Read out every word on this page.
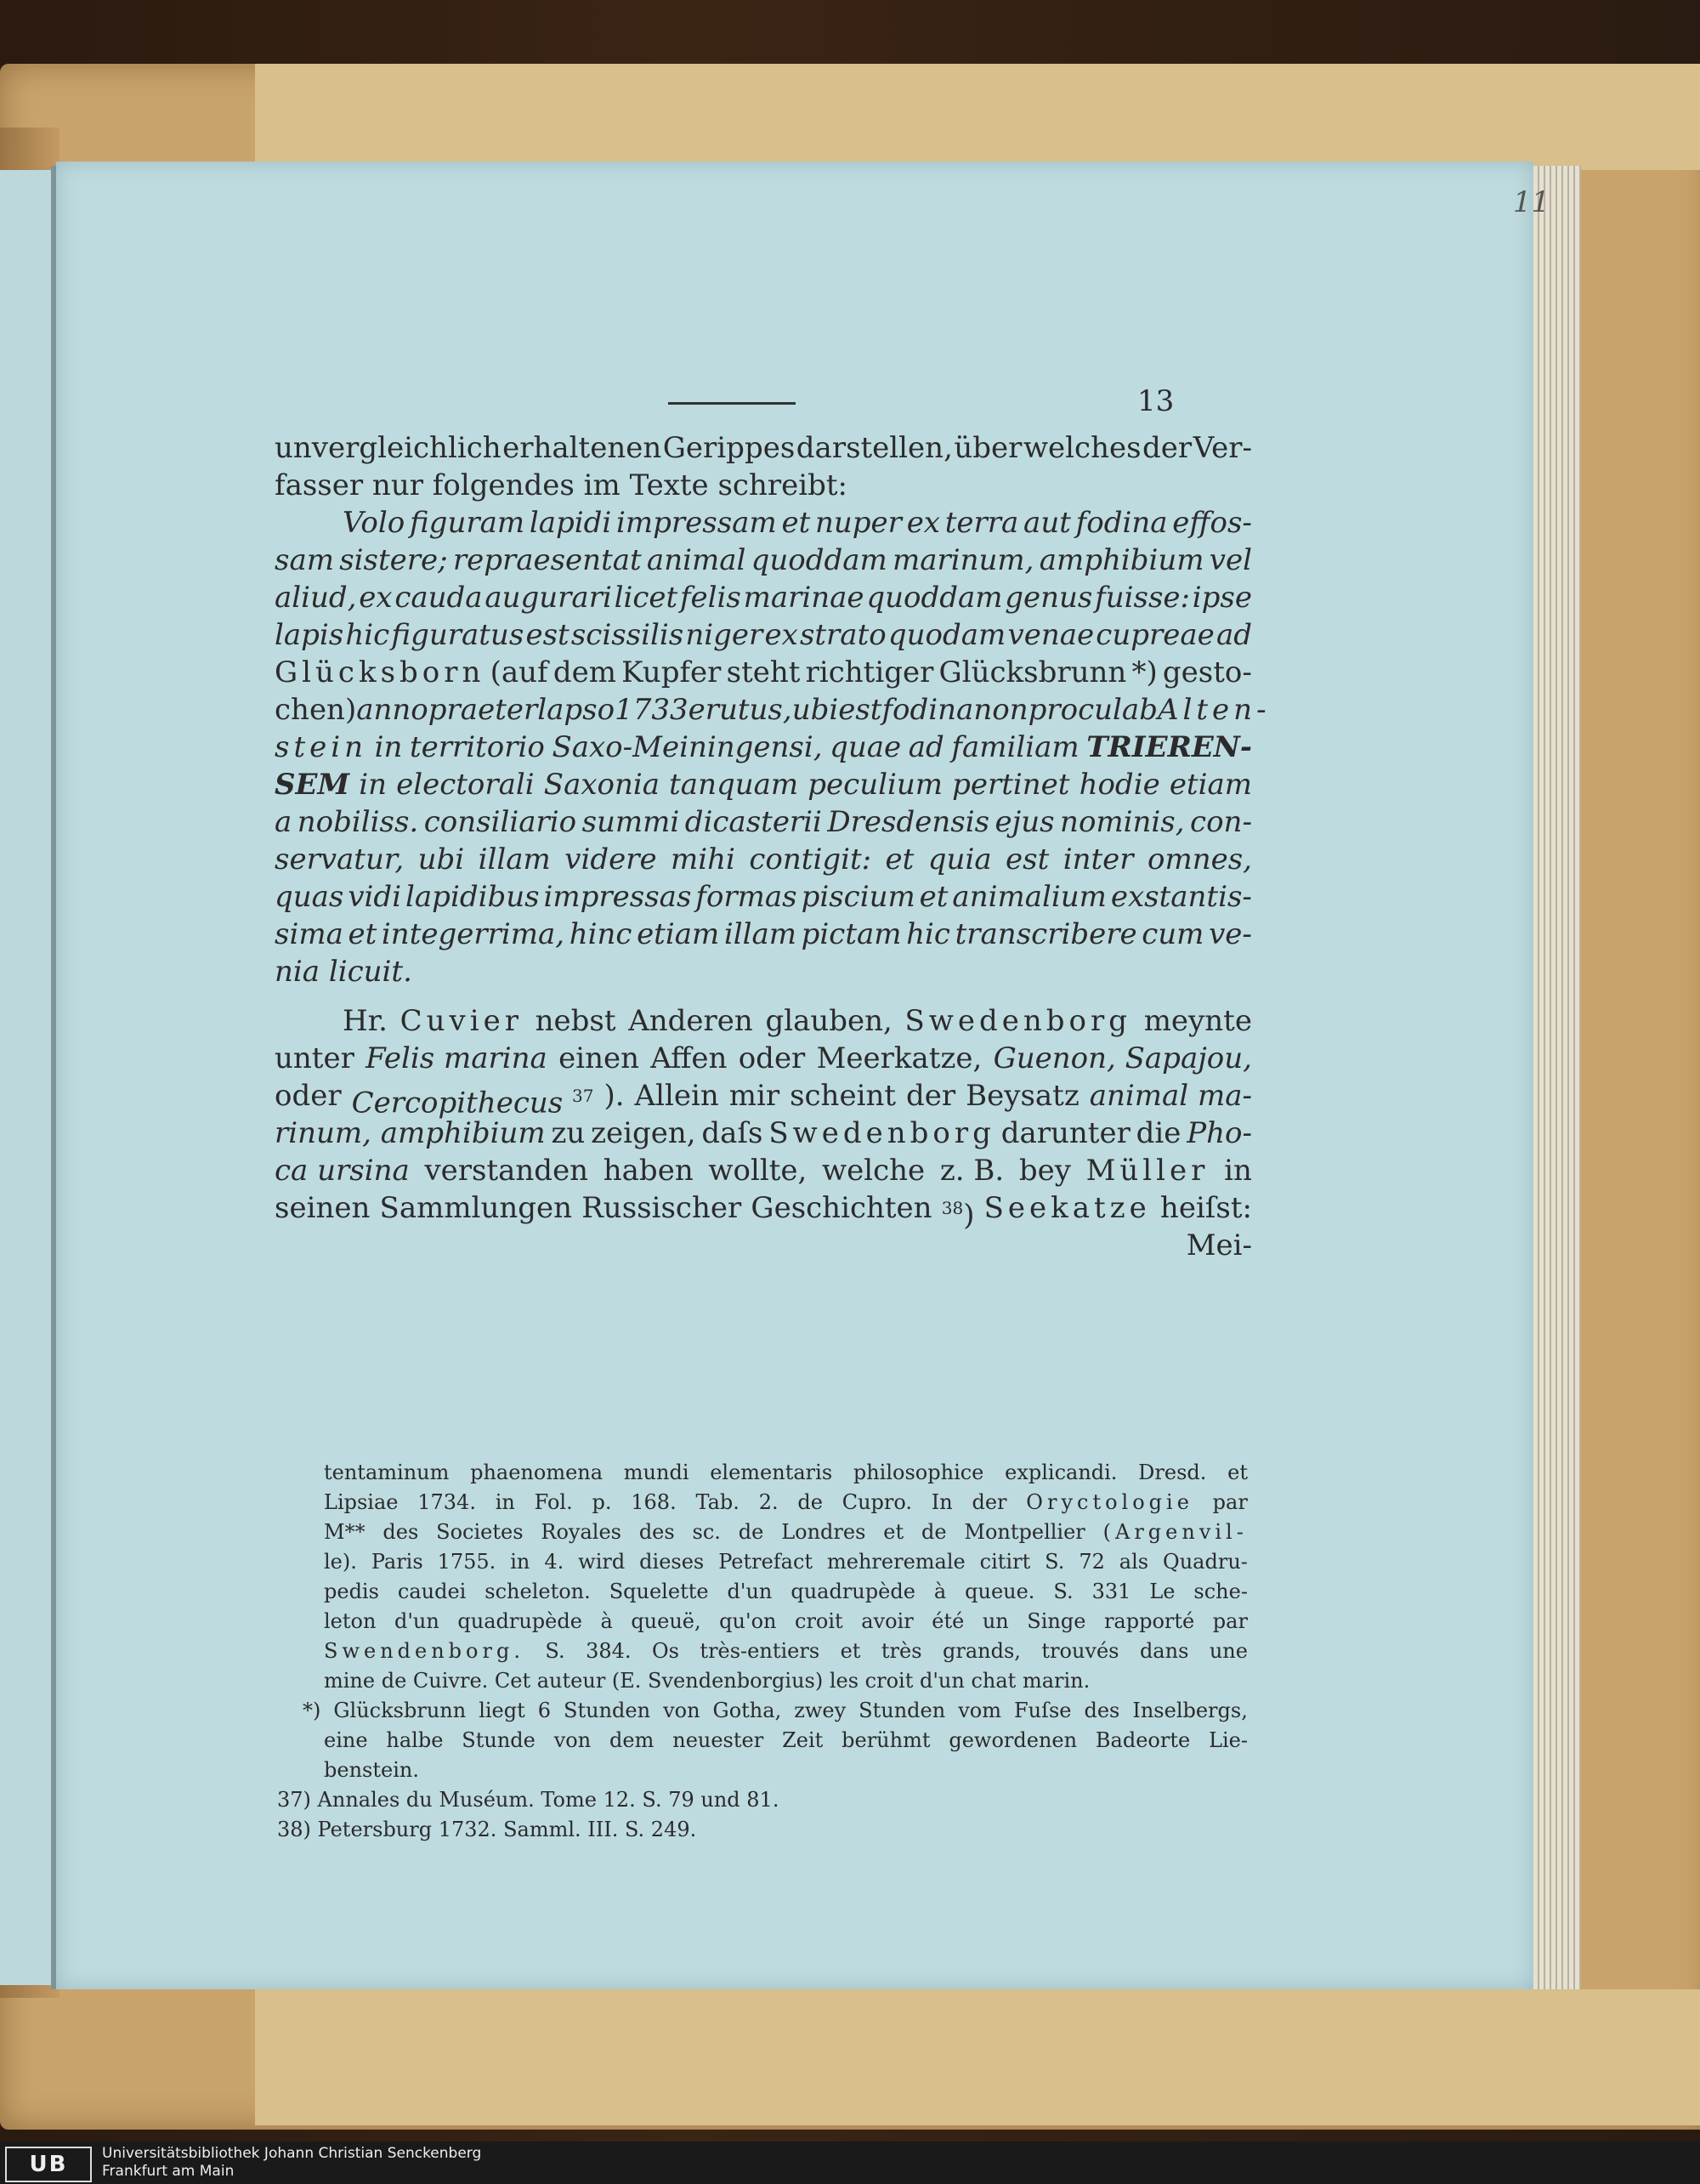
11
13
unvergleichlich erhaltenen Gerippes darstellen, über welches der Ver-
fasser nur folgendes im Texte schreibt:
Volo figuram lapidi impressam et nuper ex terra aut fodina effos-
sam sistere; repraesentat animal quoddam marinum, amphibium vel
aliud, ex cauda augurari licet felis marinae quoddam genus fuisse: ipse
lapis hic figuratus est scissilis niger ex strato quodam venae cupreae ad
Glücksborn (auf dem Kupfer steht richtiger Glücksbrunn *) gesto-
chen) anno praeterlapso 1733 erutus, ubi est fodina non procul ab Alten-
stein in territorio Saxo-Meiningensi, quae ad familiam TRIEREN-
SEM in electorali Saxonia tanquam peculium pertinet hodie etiam
a nobiliss. consiliario summi dicasterii Dresdensis ejus nominis, con-
servatur, ubi illam videre mihi contigit: et quia est inter omnes,
quas vidi lapidibus impressas formas piscium et animalium exstantis-
sima et integerrima, hinc etiam illam pictam hic transcribere cum ve-
nia licuit.
Hr. Cuvier nebst Anderen glauben, Swedenborg meynte
unter Felis marina einen Affen oder Meerkatze, Guenon, Sapajou,
oder Cercopithecus $^{37}$ ). Allein mir scheint der Beysatz animal ma-
rinum, amphibium zu zeigen, daſs Swedenborg darunter die Pho-
ca ursina verstanden haben wollte, welche z. B. bey Müller in
seinen Sammlungen Russischer Geschichten $^{38}$) Seekatze heiſst:
Mei-
tentaminum phaenomena mundi elementaris philosophice explicandi. Dresd. et
Lipsiae 1734. in Fol. p. 168. Tab. 2. de Cupro. In der Oryctologie par
M** des Societes Royales des sc. de Londres et de Montpellier (Argenvil-
le). Paris 1755. in 4. wird dieses Petrefact mehreremale citirt S. 72 als Quadru-
pedis caudei scheleton. Squelette d'un quadrupède à queue. S. 331 Le sche-
leton d'un quadrupède à queuë, qu'on croit avoir été un Singe rapporté par
Swendenborg. S. 384. Os très-entiers et très grands, trouvés dans une
mine de Cuivre. Cet auteur (E. Svendenborgius) les croit d'un chat marin.
*) Glücksbrunn liegt 6 Stunden von Gotha, zwey Stunden vom Fuſse des Inselbergs,
eine halbe Stunde von dem neuester Zeit berühmt gewordenen Badeorte Lie-
benstein.
37) Annales du Muséum. Tome 12. S. 79 und 81.
38) Petersburg 1732. Samml. III. S. 249.
UB	Universitätsbibliothek Johann Christian Senckenberg
Frankfurt am Main
